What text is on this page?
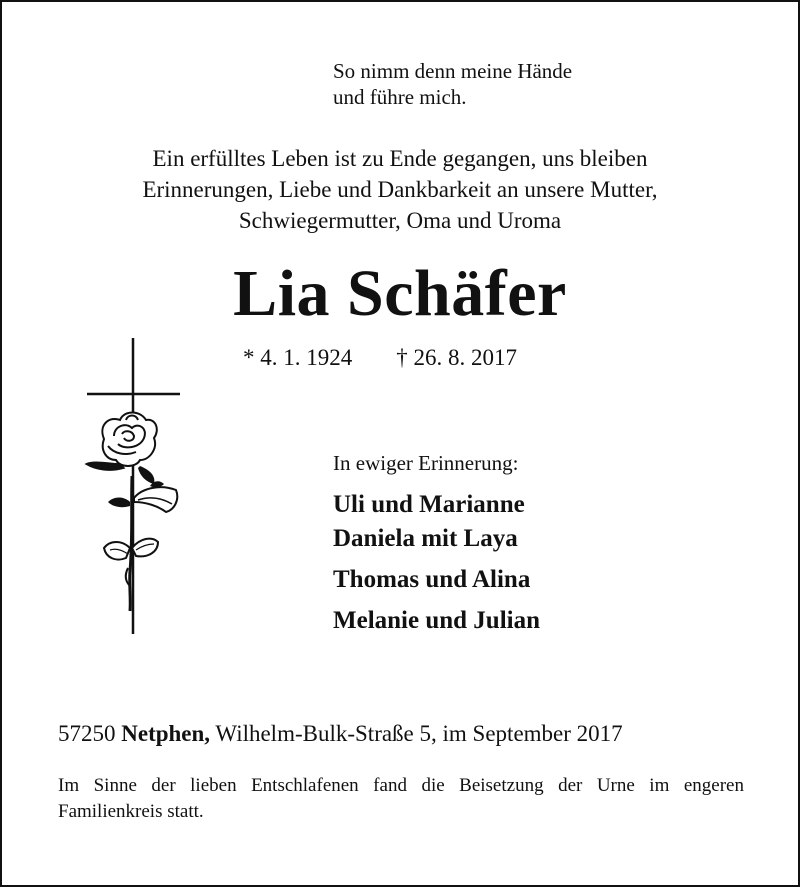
So nimm denn meine Hände
und führe mich.
Ein erfülltes Leben ist zu Ende gegangen, uns bleiben
Erinnerungen, Liebe und Dankbarkeit an unsere Mutter,
Schwiegermutter, Oma und Uroma
Lia Schäfer
* 4. 1. 1924 † 26. 8. 2017
In ewiger Erinnerung:
Uli und Marianne
Daniela mit Laya
Thomas und Alina
Melanie und Julian
57250 Netphen, Wilhelm-Bulk-Straße 5, im September 2017
Im Sinne der lieben Entschlafenen fand die Beisetzung der Urne im engeren Familienkreis statt.
